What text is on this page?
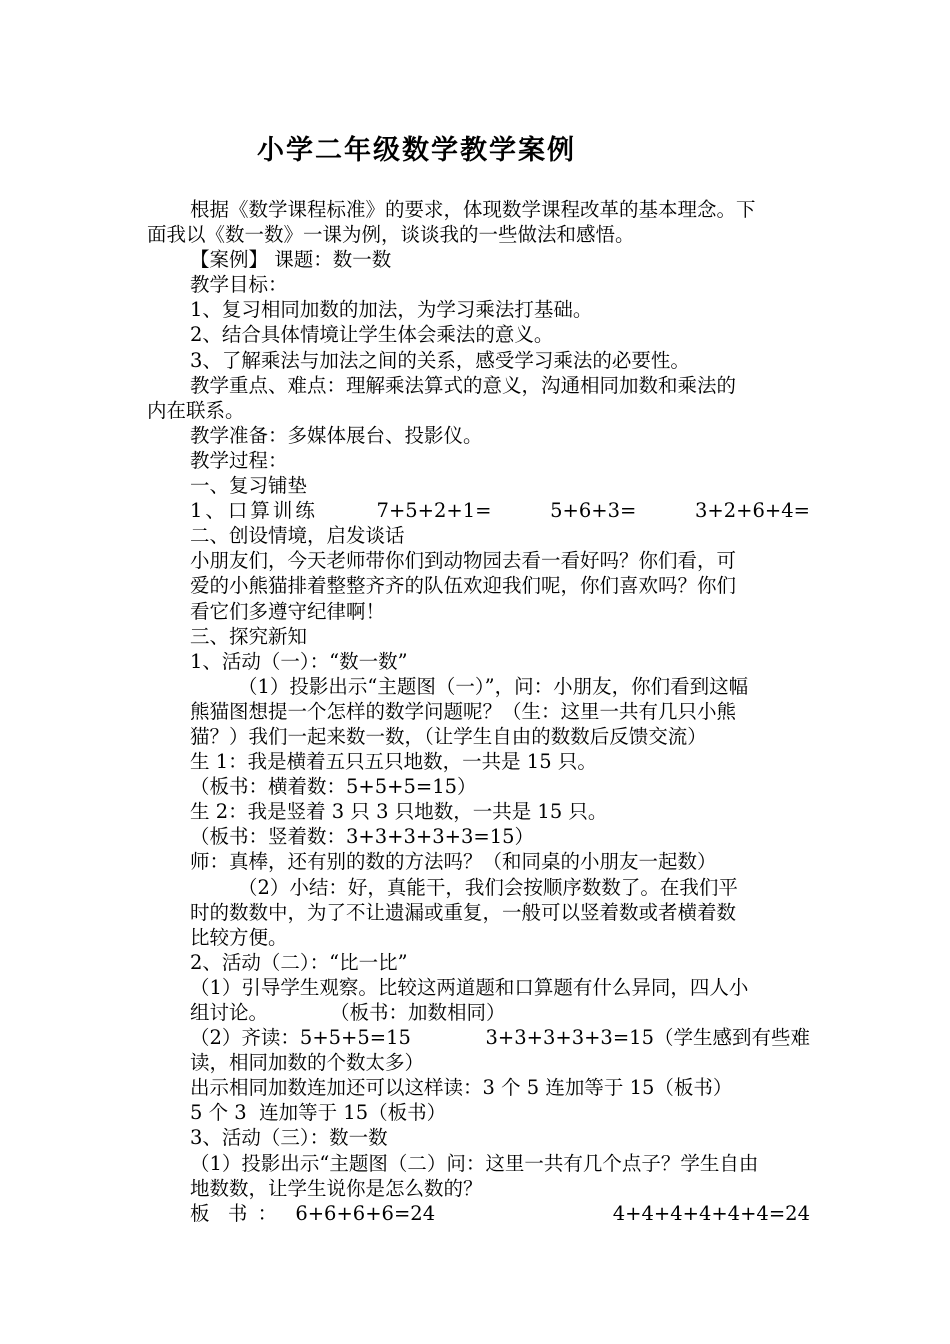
小学二年级数学教学案例

根据《数学课程标准》的要求，体现数学课程改革的基本理念。下

面我以《数一数》一课为例，谈谈我的一些做法和感悟。

【案例】 课题：数一数

教学目标：

1、复习相同加数的加法，为学习乘法打基础。

2、结合具体情境让学生体会乘法的意义。

3、了解乘法与加法之间的关系，感受学习乘法的必要性。

教学重点、难点：理解乘法算式的意义，沟通相同加数和乘法的

内在联系。

教学准备：多媒体展台、投影仪。

教学过程：

一、复习铺垫

1、口算训练	7+5+2+1=	5+6+3=	3+2+6+4=

二、创设情境，启发谈话

小朋友们，今天老师带你们到动物园去看一看好吗？你们看，可

爱的小熊猫排着整整齐齐的队伍欢迎我们呢，你们喜欢吗？你们

看它们多遵守纪律啊！

三、探究新知

1、活动（一）：“数一数”

（1）投影出示“主题图（一）”，问：小朋友，你们看到这幅

熊猫图想提一个怎样的数学问题呢？（生：这里一共有几只小熊

猫？）我们一起来数一数，（让学生自由的数数后反馈交流）

生 1：我是横着五只五只地数，一共是 15 只。

（板书：横着数：5+5+5=15）

生 2：我是竖着 3 只 3 只地数，一共是 15 只。

（板书：竖着数：3+3+3+3+3=15）

师：真棒，还有别的数的方法吗？（和同桌的小朋友一起数）

（2）小结：好，真能干，我们会按顺序数数了。在我们平

时的数数中，为了不让遗漏或重复，一般可以竖着数或者横着数

比较方便。

2、活动（二）：“比一比”

（1）引导学生观察。比较这两道题和口算题有什么异同，四人小

组讨论。          （板书：加数相同）

（2）齐读：5+5+5=15	3+3+3+3+3=15（学生感到有些难

读，相同加数的个数太多）

出示相同加数连加还可以这样读：3 个 5 连加等于 15（板书）

5 个 3  连加等于 15（板书）

3、活动（三）：数一数

（1）投影出示“主题图（二）问：这里一共有几个点子？学生自由

地数数，让学生说你是怎么数的？

板  书 ： 6+6+6+6=24	4+4+4+4+4+4=24
